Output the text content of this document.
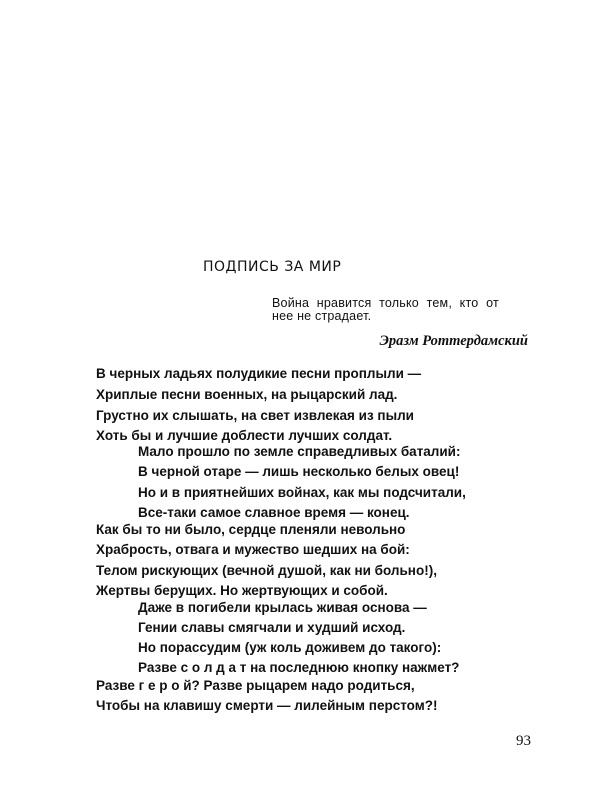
ПОДПИСЬ ЗА МИР
Война нравится только тем, кто от
нее не страдает.
Эразм Роттердамский
В черных ладьях полудикие песни проплыли —
Хриплые песни военных, на рыцарский лад.
Грустно их слышать, на свет извлекая из пыли
Хоть бы и лучшие доблести лучших солдат.
Мало прошло по земле справедливых баталий:
В черной отаре — лишь несколько белых овец!
Но и в приятнейших войнах, как мы подсчитали,
Все-таки самое славное время — конец.
Как бы то ни было, сердце пленяли невольно
Храбрость, отвага и мужество шедших на бой:
Телом рискующих (вечной душой, как ни больно!),
Жертвы берущих. Но жертвующих и собой.
Даже в погибели крылась живая основа —
Гении славы смягчали и худший исход.
Но порассудим (уж коль доживем до такого):
Разве с о л д а т на последнюю кнопку нажмет?
Разве г е р о й? Разве рыцарем надо родиться,
Чтобы на клавишу смерти — лилейным перстом?!
93
